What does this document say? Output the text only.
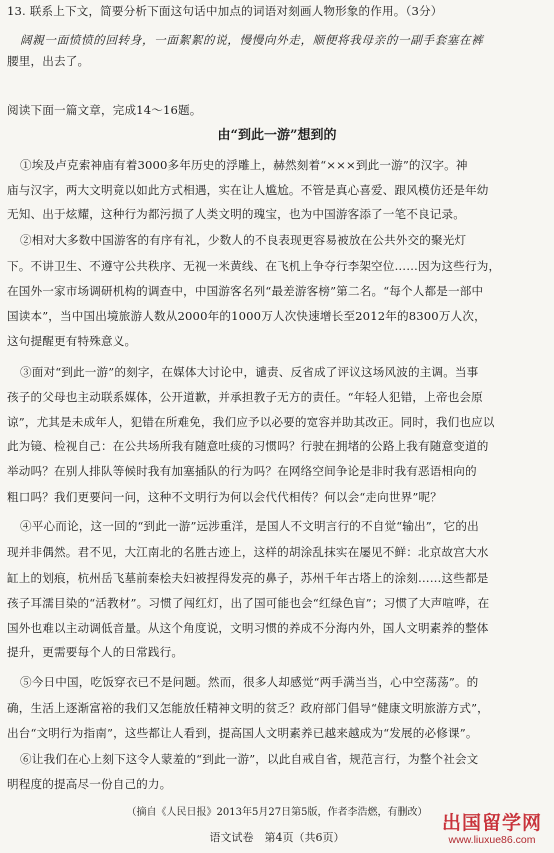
13. 联系上下文，简要分析下面这句话中加点的词语对刻画人物形象的作用。（3分）
阔親一面愤愤的回转身，一面絮絮的说，慢慢向外走，顺便将我母亲的一副手套塞在裤
腰里，出去了。
阅读下面一篇文章，完成14～16题。
由“到此一游”想到的
①埃及卢克索神庙有着3000多年历史的浮雕上，赫然刻着“×××到此一游”的汉字。神
庙与汉字，两大文明竟以如此方式相遇，实在让人尴尬。不管是真心喜爱、跟风模仿还是年幼
无知、出于炫耀，这种行为都污损了人类文明的瑰宝，也为中国游客添了一笔不良记录。
②相对大多数中国游客的有序有礼，少数人的不良表现更容易被放在公共外交的聚光灯
下。不讲卫生、不遵守公共秩序、无视一米黄线、在飞机上争夺行李架空位……因为这些行为，
在国外一家市场调研机构的调查中，中国游客名列“最差游客榜”第二名。“每个人都是一部中
国读本”，当中国出境旅游人数从2000年的1000万人次快速增长至2012年的8300万人次，
这句提醒更有特殊意义。
③面对“到此一游”的刻字，在媒体大讨论中，谴责、反省成了评议这场风波的主调。当事
孩子的父母也主动联系媒体，公开道歉，并承担教子无方的责任。“年轻人犯错，上帝也会原
谅”，尤其是未成年人，犯错在所难免，我们应予以必要的宽容并助其改正。同时，我们也应以
此为镜、检视自己：在公共场所我有随意吐痰的习惯吗？行驶在拥堵的公路上我有随意变道的
举动吗？在别人排队等候时我有加塞插队的行为吗？在网络空间争论是非时我有恶语相向的
粗口吗？我们更要问一问，这种不文明行为何以会代代相传？何以会“走向世界”呢？
④平心而论，这一回的“到此一游”远涉重洋，是国人不文明言行的不自觉“输出”，它的出
现并非偶然。君不见，大江南北的名胜古迹上，这样的胡涂乱抹实在屡见不鲜：北京故宫大水
缸上的划痕，杭州岳飞墓前秦桧夫妇被捏得发亮的鼻子，苏州千年古塔上的涂刻……这些都是
孩子耳濡目染的“活教材”。习惯了闯红灯，出了国可能也会“红绿色盲”；习惯了大声喧哗，在
国外也难以主动调低音量。从这个角度说，文明习惯的养成不分海内外，国人文明素养的整体
提升，更需要每个人的日常践行。
⑤今日中国，吃饭穿衣已不是问题。然而，很多人却感觉“两手满当当，心中空荡荡”。的
确，生活上逐渐富裕的我们又怎能放任精神文明的贫乏？政府部门倡导“健康文明旅游方式”，
出台“文明行为指南”，这些都让人看到，提高国人文明素养已越来越成为“发展的必修课”。
⑥让我们在心上刻下这令人蒙羞的“到此一游”，以此自戒自省，规范言行，为整个社会文
明程度的提高尽一份自己的力。
（摘自《人民日报》2013年5月27日第5版，作者李浩燃，有删改）
语文试卷　第4页（共6页）
出国留学网
www.liuxue86.com
